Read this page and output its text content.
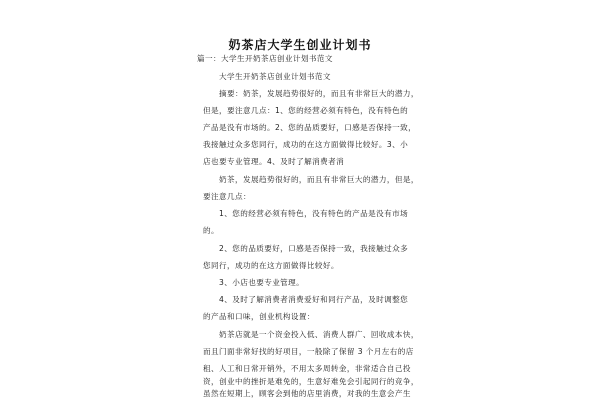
奶茶店大学生创业计划书
篇一：大学生开奶茶店创业计划书范文
大学生开奶茶店创业计划书范文
摘要：奶茶，发展趋势很好的，而且有非常巨大的潜力，
但是，要注意几点：1、您的经营必须有特色，没有特色的
产品是没有市场的。2、您的品质要好，口感是否保持一致，
我接触过众多您同行，成功的在这方面做得比较好。3、小
店也要专业管理。4、及时了解消费者消
奶茶，发展趋势很好的，而且有非常巨大的潜力，但是，
要注意几点：
1、您的经营必须有特色，没有特色的产品是没有市场
的。
2、您的品质要好，口感是否保持一致，我接触过众多
您同行，成功的在这方面做得比较好。
3、小店也要专业管理。
4、及时了解消费者消费爱好和同行产品，及时调整您
的产品和口味，创业机构设置：
奶茶店就是一个资金投入低、消费人群广、回收成本快，
而且门面非常好找的好项目，一般除了保留 3 个月左右的店
租、人工和日常开销外，不用太多周转金，非常适合自己投
资，创业中的挫折是难免的，生意好难免会引起同行的竞争，
虽然在短期上，顾客会到他的店里消费，对我的生意会产生
